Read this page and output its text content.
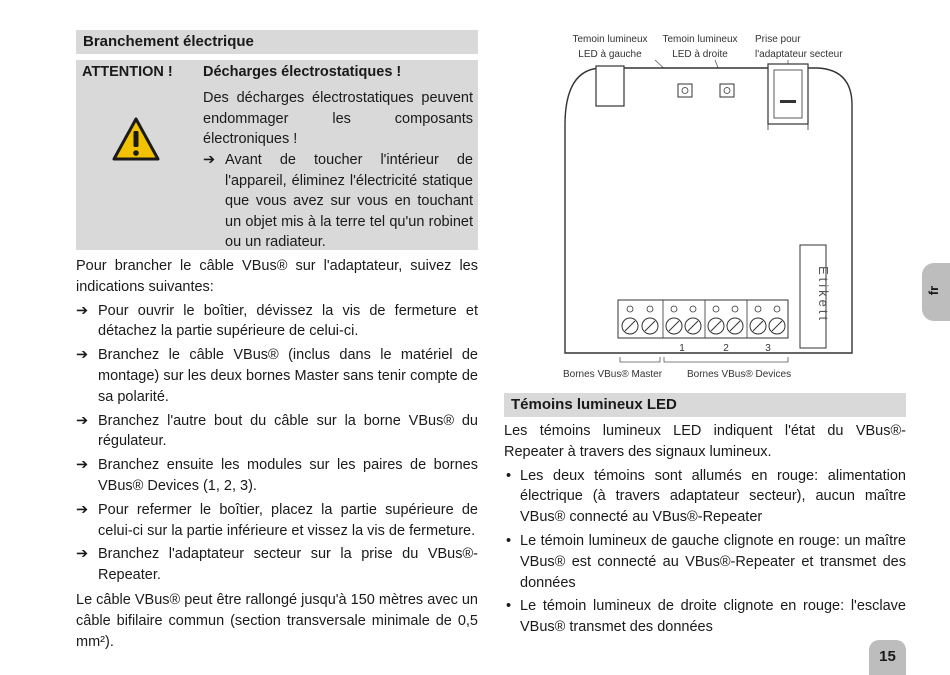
Branchement électrique
ATTENTION ! Décharges électrostatiques !
Des décharges électrostatiques peuvent endommager les composants électroniques !
➔ Avant de toucher l'intérieur de l'appareil, éliminez l'électricité statique que vous avez sur vous en touchant un objet mis à la terre tel qu'un robinet ou un radiateur.

Pour brancher le câble VBus® sur l'adaptateur, suivez les indications suivantes:

➔ Pour ouvrir le boîtier, dévissez la vis de fermeture et détachez la partie supérieure de celui-ci.
➔ Branchez le câble VBus® (inclus dans le matériel de montage) sur les deux bornes Master sans tenir compte de sa polarité.
➔ Branchez l'autre bout du câble sur la borne VBus® du régulateur.
➔ Branchez ensuite les modules sur les paires de bornes VBus® Devices (1, 2, 3).
➔ Pour refermer le boîtier, placez la partie supérieure de celui-ci sur la partie inférieure et vissez la vis de fermeture.
➔ Branchez l'adaptateur secteur sur la prise du VBus®-Repeater.

Le câble VBus® peut être rallongé jusqu'à 150 mètres avec un câble bifilaire commun (section transversale minimale de 0,5 mm²).

Temoin lumineux
LED à gauche
Temoin lumineux
LED à droite
Prise pour
l'adaptateur secteur
Etikett
1	2	3
Bornes VBus® Master Bornes VBus® Devices
Témoins lumineux LED

Les témoins lumineux LED indiquent l'état du VBus®-Repeater à travers des signaux lumineux.

• Les deux témoins sont allumés en rouge: alimentation électrique (à travers adaptateur secteur), aucun maître VBus® connecté au VBus®-Repeater
• Le témoin lumineux de gauche clignote en rouge: un maître VBus® est connecté au VBus®-Repeater et transmet des données
• Le témoin lumineux de droite clignote en rouge: l'esclave VBus® transmet des données
fr
15
